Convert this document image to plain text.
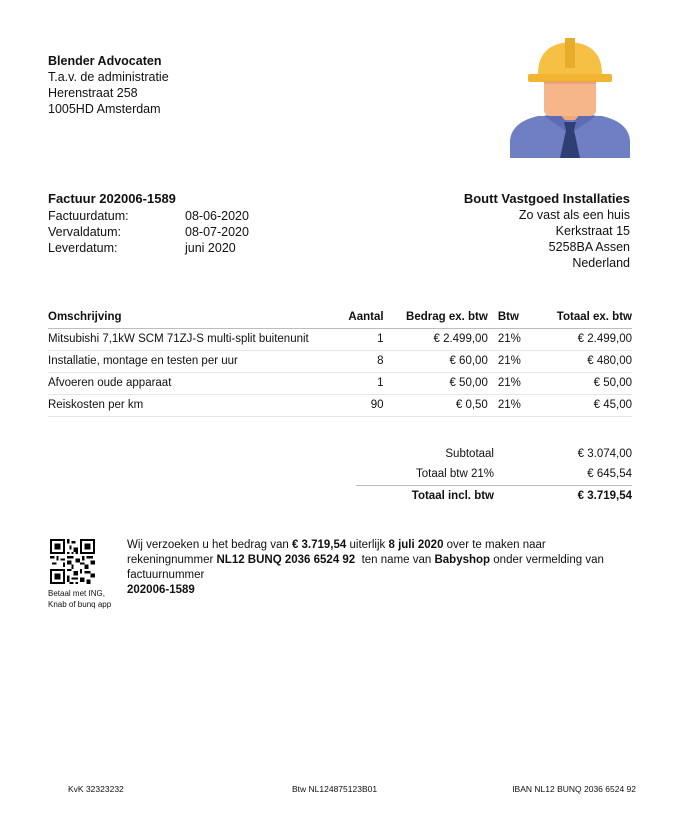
Blender Advocaten
T.a.v. de administratie
Herenstraat 258
1005HD Amsterdam
Factuur 202006-1589
Factuurdatum:	08-06-2020
Vervaldatum:	08-07-2020
Leverdatum:	juni 2020
Boutt Vastgoed Installaties
Zo vast als een huis
Kerkstraat 15
5258BA Assen
Nederland
Omschrijving	Aantal	Bedrag ex. btw	Btw	Totaal ex. btw
Mitsubishi 7,1kW SCM 71ZJ-S multi-split buitenunit	1	€ 2.499,00	21%	€ 2.499,00
Installatie, montage en testen per uur	8	€ 60,00	21%	€ 480,00
Afvoeren oude apparaat	1	€ 50,00	21%	€ 50,00
Reiskosten per km	90	€ 0,50	21%	€ 45,00
Subtotaal	€ 3.074,00
Totaal btw 21%	€ 645,54
Totaal incl. btw	€ 3.719,54
Betaal met ING,
Knab of bunq app
Wij verzoeken u het bedrag van € 3.719,54 uiterlijk 8 juli 2020 over te maken naar rekeningnummer NL12 BUNQ 2036 6524 92  ten name van Babyshop onder vermelding van factuurnummer
202006-1589
KvK 32323232	Btw NL124875123B01	IBAN NL12 BUNQ 2036 6524 92
